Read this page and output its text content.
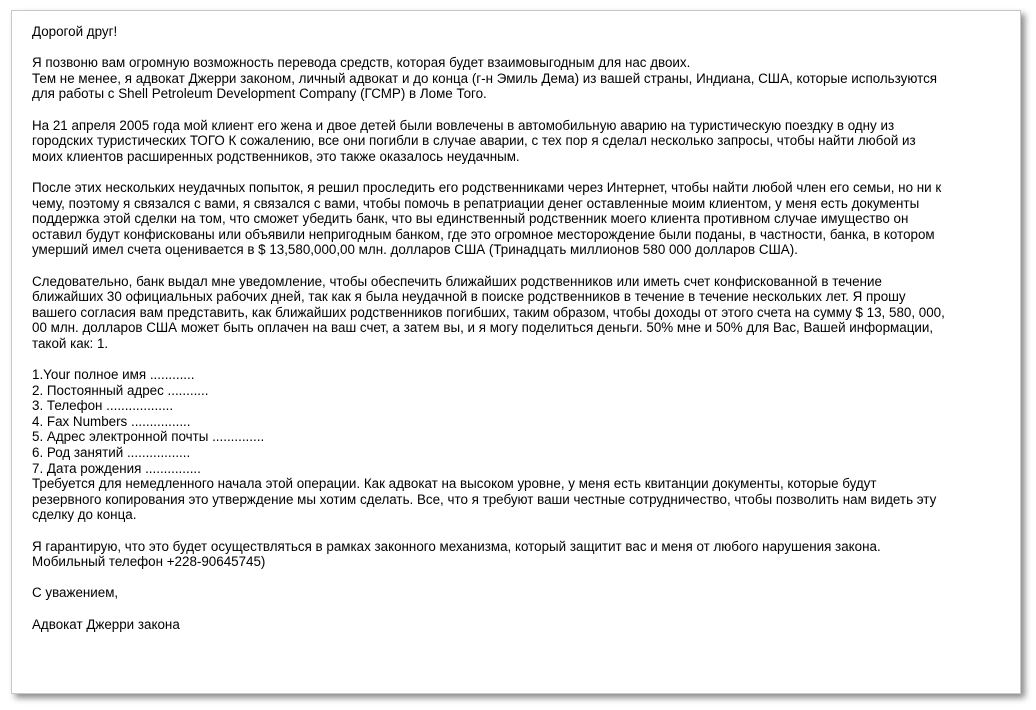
Дорогой друг!

Я позвоню вам огромную возможность перевода средств, которая будет взаимовыгодным для нас двоих.
Тем не менее, я адвокат Джерри законом, личный адвокат и до конца (г-н Эмиль Дема) из вашей страны, Индиана, США, которые используются
для работы с Shell Petroleum Development Company (ГСМР) в Ломе Того.

На 21 апреля 2005 года мой клиент его жена и двое детей были вовлечены в автомобильную аварию на туристическую поездку в одну из
городских туристических ТОГО К сожалению, все они погибли в случае аварии, с тех пор я сделал несколько запросы, чтобы найти любой из
моих клиентов расширенных родственников, это также оказалось неудачным.

После этих нескольких неудачных попыток, я решил проследить его родственниками через Интернет, чтобы найти любой член его семьи, но ни к
чему, поэтому я связался с вами, я связался с вами, чтобы помочь в репатриации денег оставленные моим клиентом, у меня есть документы
поддержка этой сделки на том, что сможет убедить банк, что вы единственный родственник моего клиента противном случае имущество он
оставил будут конфискованы или объявили непригодным банком, где это огромное месторождение были поданы, в частности, банка, в котором
умерший имел счета оценивается в $ 13,580,000,00 млн. долларов США (Тринадцать миллионов 580 000 долларов США).

Следовательно, банк выдал мне уведомление, чтобы обеспечить ближайших родственников или иметь счет конфискованной в течение
ближайших 30 официальных рабочих дней, так как я была неудачной в поиске родственников в течение в течение нескольких лет. Я прошу
вашего согласия вам представить, как ближайших родственников погибших, таким образом, чтобы доходы от этого счета на сумму $ 13, 580, 000,
00 млн. долларов США может быть оплачен на ваш счет, а затем вы, и я могу поделиться деньги. 50% мне и 50% для Вас, Вашей информации,
такой как: 1.

1.Your полное имя ............
2. Постоянный адрес ...........
3. Телефон ..................
4. Fax Numbers ................
5. Адрес электронной почты ..............
6. Род занятий .................
7. Дата рождения ...............

Требуется для немедленного начала этой операции. Как адвокат на высоком уровне, у меня есть квитанции документы, которые будут
резервного копирования это утверждение мы хотим сделать. Все, что я требуют ваши честные сотрудничество, чтобы позволить нам видеть эту
сделку до конца.

Я гарантирую, что это будет осуществляться в рамках законного механизма, который защитит вас и меня от любого нарушения закона.
Мобильный телефон +228-90645745)

С уважением,

Адвокат Джерри закона
